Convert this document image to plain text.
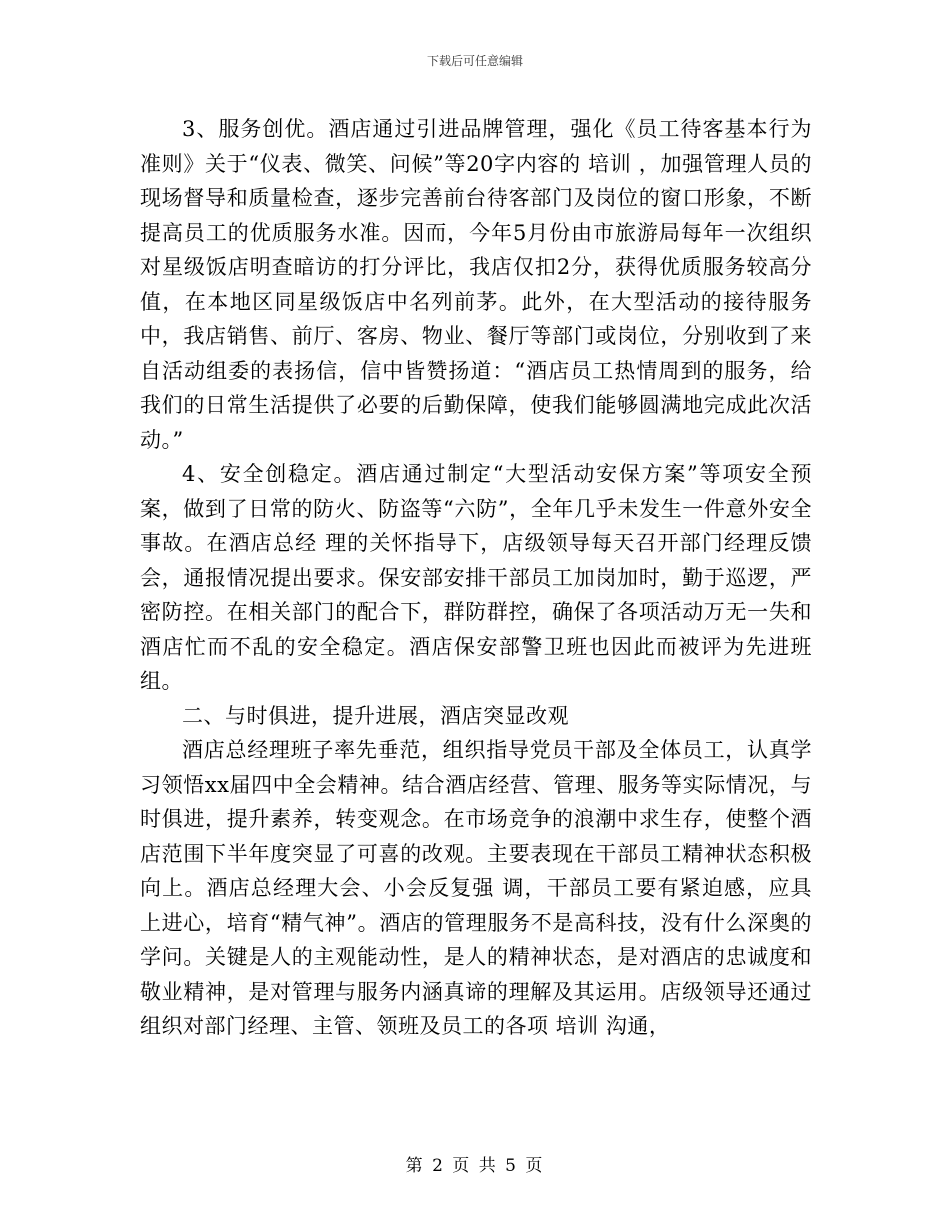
下载后可任意编辑

3、服务创优。酒店通过引进品牌管理，强化《员工待客基本行为准则》关于“仪表、微笑、问候”等20字内容的 培训 ，加强管理人员的现场督导和质量检查，逐步完善前台待客部门及岗位的窗口形象，不断提高员工的优质服务水准。因而，今年5月份由市旅游局每年一次组织对星级饭店明查暗访的打分评比，我店仅扣2分，获得优质服务较高分值，在本地区同星级饭店中名列前茅。此外，在大型活动的接待服务中，我店销售、前厅、客房、物业、餐厅等部门或岗位，分别收到了来自活动组委的表扬信，信中皆赞扬道：“酒店员工热情周到的服务，给我们的日常生活提供了必要的后勤保障，使我们能够圆满地完成此次活动。”

4、安全创稳定。酒店通过制定“大型活动安保方案”等项安全预案，做到了日常的防火、防盗等“六防”，全年几乎未发生一件意外安全事故。在酒店总经 理的关怀指导下，店级领导每天召开部门经理反馈会，通报情况提出要求。保安部安排干部员工加岗加时，勤于巡逻，严密防控。在相关部门的配合下，群防群控，确保了各项活动万无一失和酒店忙而不乱的安全稳定。酒店保安部警卫班也因此而被评为先进班组。

二、与时俱进，提升进展，酒店突显改观

酒店总经理班子率先垂范，组织指导党员干部及全体员工，认真学习领悟xx届四中全会精神。结合酒店经营、管理、服务等实际情况，与时俱进，提升素养，转变观念。在市场竞争的浪潮中求生存，使整个酒店范围下半年度突显了可喜的改观。主要表现在干部员工精神状态积极向上。酒店总经理大会、小会反复强 调，干部员工要有紧迫感，应具上进心，培育“精气神”。酒店的管理服务不是高科技，没有什么深奥的学问。关键是人的主观能动性，是人的精神状态，是对酒店的忠诚度和敬业精神，是对管理与服务内涵真谛的理解及其运用。店级领导还通过组织对部门经理、主管、领班及员工的各项 培训 沟通，

第 2 页 共 5 页
